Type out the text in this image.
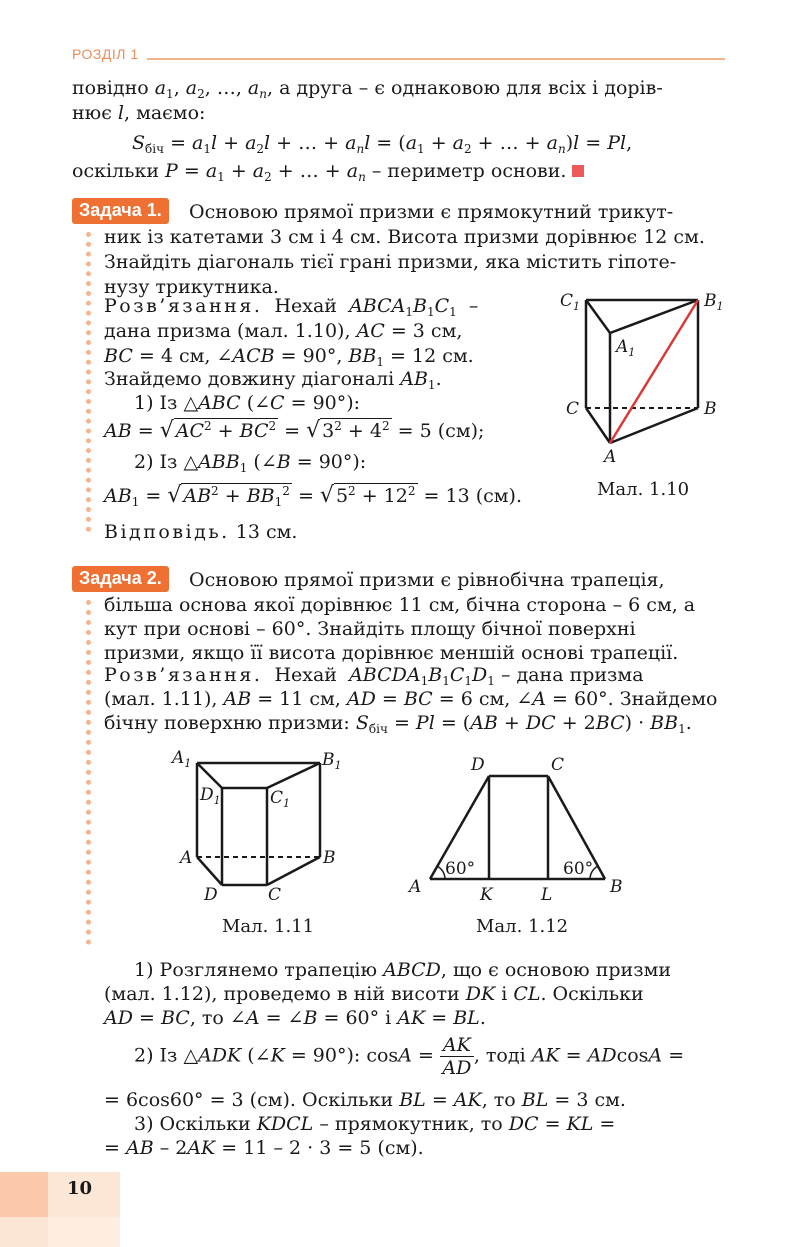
РОЗДІЛ 1
повідно $a_1$, $a_2$, …, $a_n$, а друга – є однаковою для всіх і дорів-
нює l, маємо:
$S_{біч} = a_1l + a_2l$ + … + $a_nl = (a_1 + a_2$ + … + $a_n)l = Pl$,
оскільки $P = a_1 + a_2$ + … + $a_n$ – периметр основи.
Задача 1.	Основою прямої призми є прямокутний трикут-
ник із катетами 3 см і 4 см. Висота призми дорівнює 12 см.
Знайдіть діагональ тієї грані призми, яка містить гіпоте-
нузу трикутника.
Розв’язання. Нехай $ABCA_1B_1C_1$  –
дана призма (мал. 1.10), AC = 3 см,
BC = 4 см, ∠ACB = 90°, $BB_1 = 12$ см.
Знайдемо довжину діагоналі $AB_1$.
1) Із △ABC (∠C = 90°):
AB = √ $AC^2 + BC^2$ = √ $3^2 + 4^2 = 5$ (см);
2) Із $\triangle ABB_1$ (∠B = 90°):
$AB_1$ = √ $AB^2 + BB_1^2$ = √ $5^2 + 12^2 = 13$ (см).
Відповідь. 13 см.
$C_1$	$B_1$
$A_1$
C	B
A
Мал. 1.10
Задача 2.	Основою прямої призми є рівнобічна трапеція,
більша основа якої дорівнює 11 см, бічна сторона – 6 см, а
кут при основі – 60°. Знайдіть площу бічної поверхні
призми, якщо її висота дорівнює меншій основі трапеції.
Розв’язання. Нехай $ABCDA_1B_1C_1D_1$ – дана призма
(мал. 1.11), AB = 11 см, AD = BC = 6 см, ∠A = 60°. Знайдемо
бічну поверхню призми: $S_{біч} = Pl = (AB$ + DC + $2BC) \cdot BB_1$.
$A_1$	$B_1$
$D_1$	$C_1$
A	B
D	C
Мал. 1.11
60°	60°
D	C
A	B
K	L
Мал. 1.12
1) Розглянемо трапецію ABCD, що є основою призми
(мал. 1.12), проведемо в ній висоти DK і CL. Оскільки
AD = BC, то ∠A = ∠B = 60° і AK = BL.
2) Із △ADK (∠K = 90°): $\cos A = \frac{AK}{AD}$ , тоді AK = ADcosA =
= 6cos60° = 3 (см). Оскільки BL = AK, то BL = 3 см.
3) Оскільки KDCL – прямокутник, то DC = KL =
= AB – 2AK = 11 – 2 · 3 = 5 (см).
10
